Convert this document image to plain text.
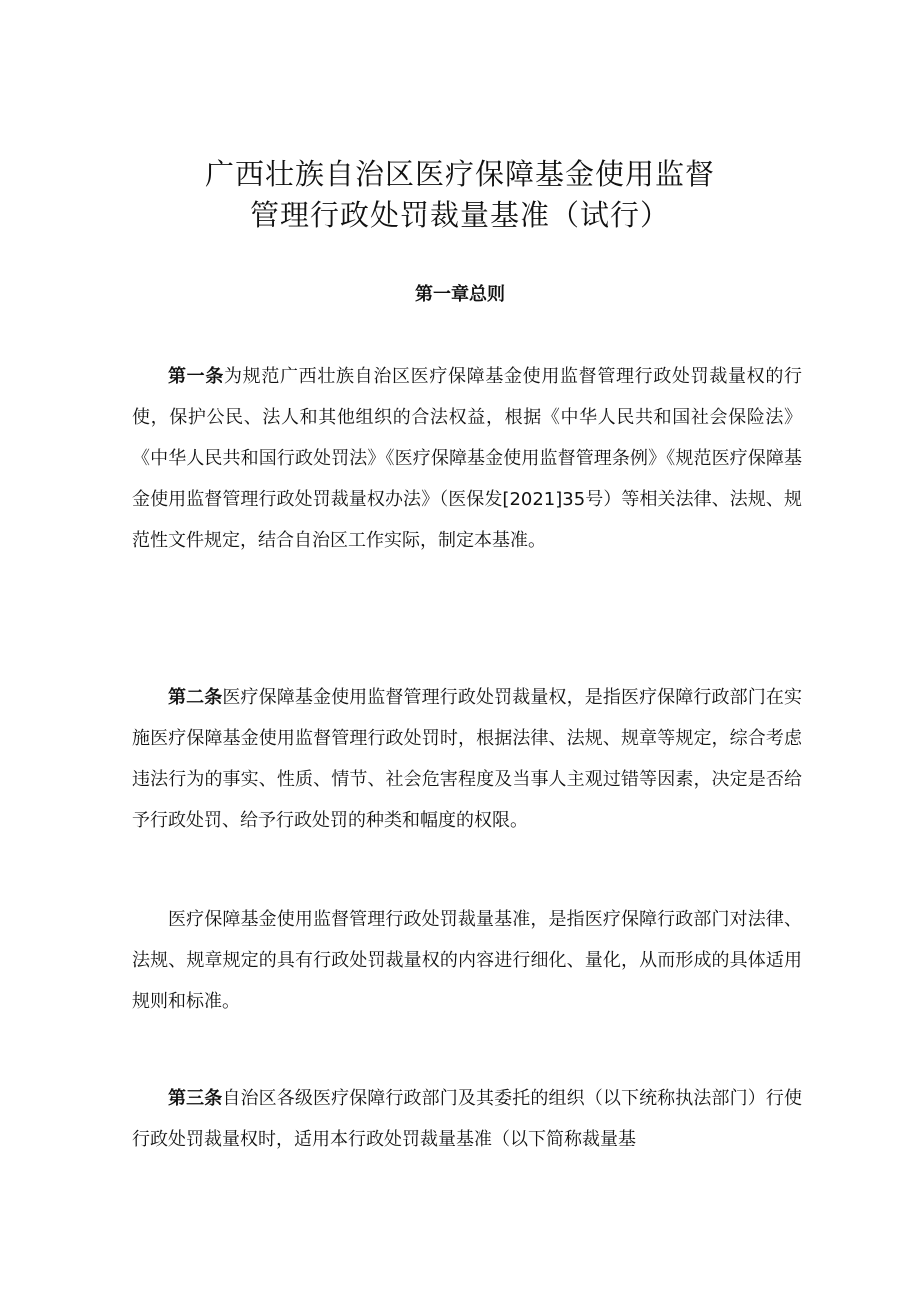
广西壮族自治区医疗保障基金使用监督
管理行政处罚裁量基准（试行）
第一章总则

第一条为规范广西壮族自治区医疗保障基金使用监督管理行政处罚裁量权的行使，保护公民、法人和其他组织的合法权益，根据《中华人民共和国社会保险法》《中华人民共和国行政处罚法》《医疗保障基金使用监督管理条例》《规范医疗保障基金使用监督管理行政处罚裁量权办法》（医保发[2021]35号）等相关法律、法规、规范性文件规定，结合自治区工作实际，制定本基准。

第二条医疗保障基金使用监督管理行政处罚裁量权，是指医疗保障行政部门在实施医疗保障基金使用监督管理行政处罚时，根据法律、法规、规章等规定，综合考虑违法行为的事实、性质、情节、社会危害程度及当事人主观过错等因素，决定是否给予行政处罚、给予行政处罚的种类和幅度的权限。

医疗保障基金使用监督管理行政处罚裁量基准，是指医疗保障行政部门对法律、法规、规章规定的具有行政处罚裁量权的内容进行细化、量化，从而形成的具体适用规则和标准。

第三条自治区各级医疗保障行政部门及其委托的组织（以下统称执法部门）行使行政处罚裁量权时，适用本行政处罚裁量基准（以下简称裁量基
